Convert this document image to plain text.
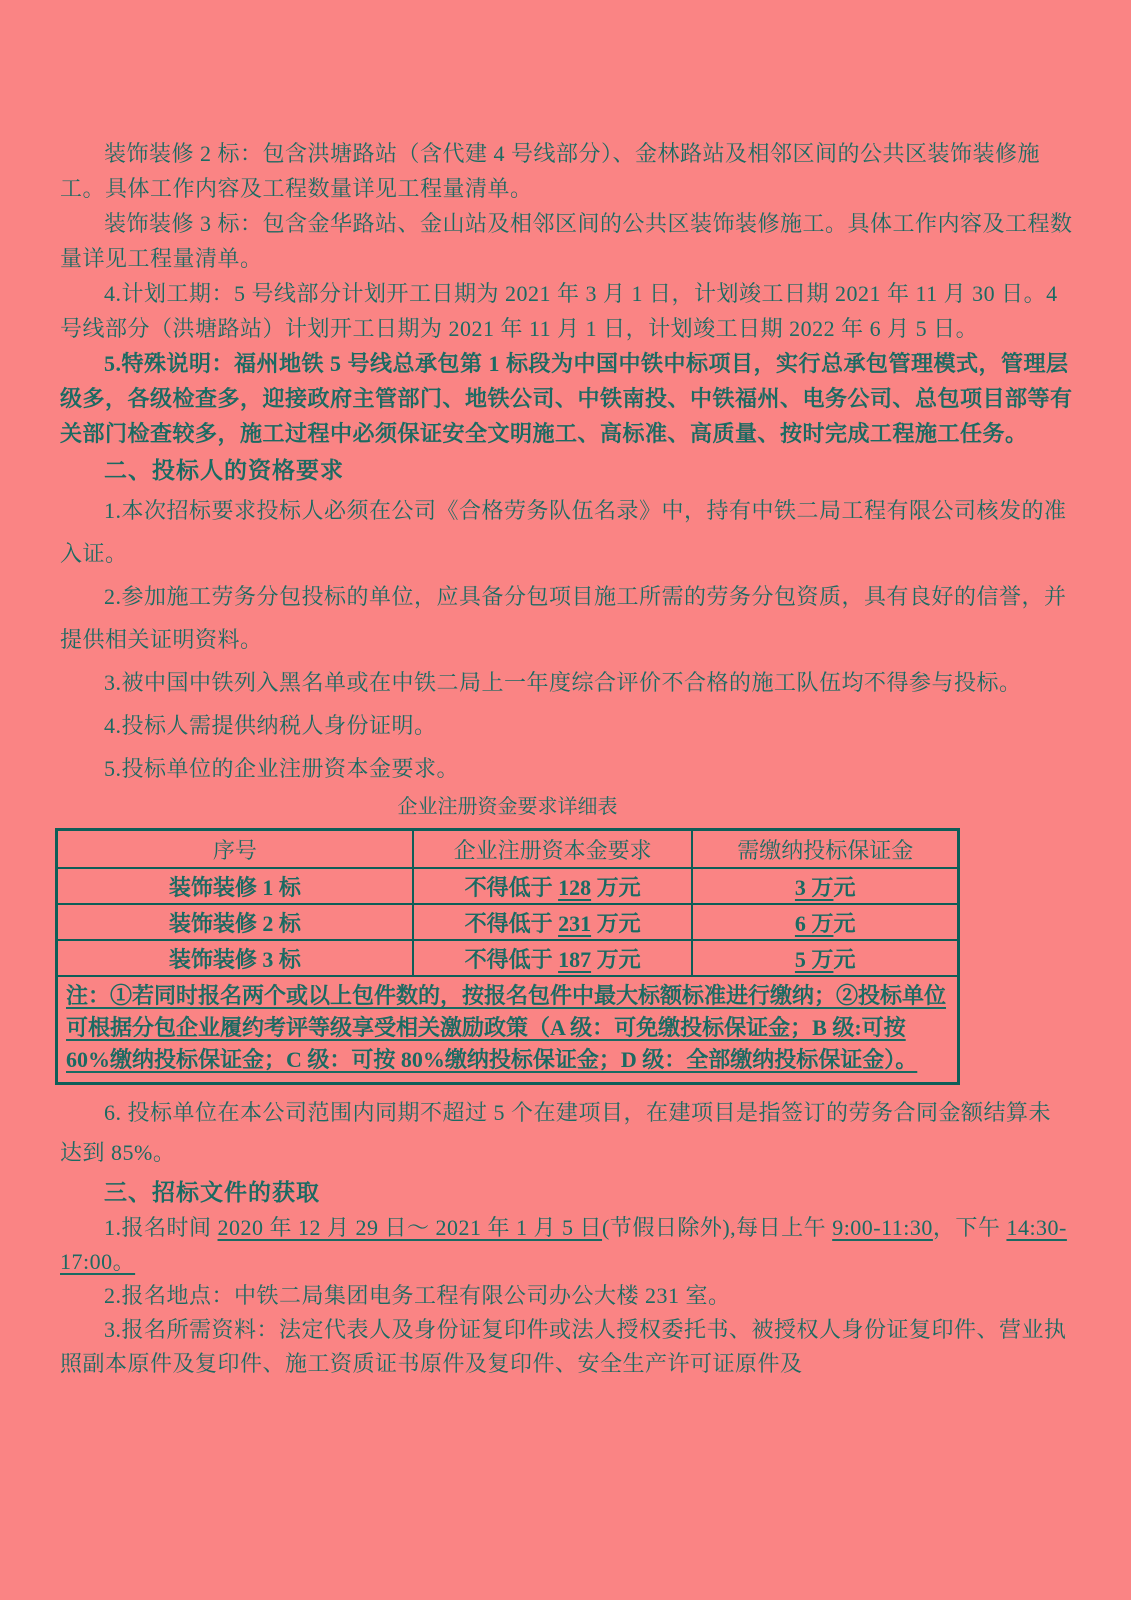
装饰装修 2 标：包含洪塘路站（含代建 4 号线部分）、金林路站及相邻区间的公共区装饰装修施工。具体工作内容及工程数量详见工程量清单。

装饰装修 3 标：包含金华路站、金山站及相邻区间的公共区装饰装修施工。具体工作内容及工程数量详见工程量清单。

4.计划工期：5 号线部分计划开工日期为 2021 年 3 月 1 日，计划竣工日期 2021 年 11 月 30 日。4 号线部分（洪塘路站）计划开工日期为 2021 年 11 月 1 日，计划竣工日期 2022 年 6 月 5 日。

5.特殊说明：福州地铁 5 号线总承包第 1 标段为中国中铁中标项目，实行总承包管理模式，管理层级多，各级检查多，迎接政府主管部门、地铁公司、中铁南投、中铁福州、电务公司、总包项目部等有关部门检查较多，施工过程中必须保证安全文明施工、高标准、高质量、按时完成工程施工任务。

二、投标人的资格要求

1.本次招标要求投标人必须在公司《合格劳务队伍名录》中，持有中铁二局工程有限公司核发的准入证。

2.参加施工劳务分包投标的单位，应具备分包项目施工所需的劳务分包资质，具有良好的信誉，并提供相关证明资料。

3.被中国中铁列入黑名单或在中铁二局上一年度综合评价不合格的施工队伍均不得参与投标。

4.投标人需提供纳税人身份证明。

5.投标单位的企业注册资本金要求。

企业注册资金要求详细表

序号	企业注册资本金要求	需缴纳投标保证金
装饰装修 1 标	不得低于 128 万元	3 万元
装饰装修 2 标	不得低于 231 万元	6 万元
装饰装修 3 标	不得低于 187 万元	5 万元
注：①若同时报名两个或以上包件数的，按报名包件中最大标额标准进行缴纳；②投标单位可根据分包企业履约考评等级享受相关激励政策（A 级：可免缴投标保证金；B 级:可按 60%缴纳投标保证金；C 级：可按 80%缴纳投标保证金；D 级：全部缴纳投标保证金）。		

6. 投标单位在本公司范围内同期不超过 5 个在建项目，在建项目是指签订的劳务合同金额结算未达到 85%。

三、招标文件的获取

1.报名时间 2020 年 12 月 29 日～ 2021 年 1 月 5 日(节假日除外),每日上午 9:00-11:30，下午 14:30-17:00。

2.报名地点：中铁二局集团电务工程有限公司办公大楼 231 室。

3.报名所需资料：法定代表人及身份证复印件或法人授权委托书、被授权人身份证复印件、营业执照副本原件及复印件、施工资质证书原件及复印件、安全生产许可证原件及
